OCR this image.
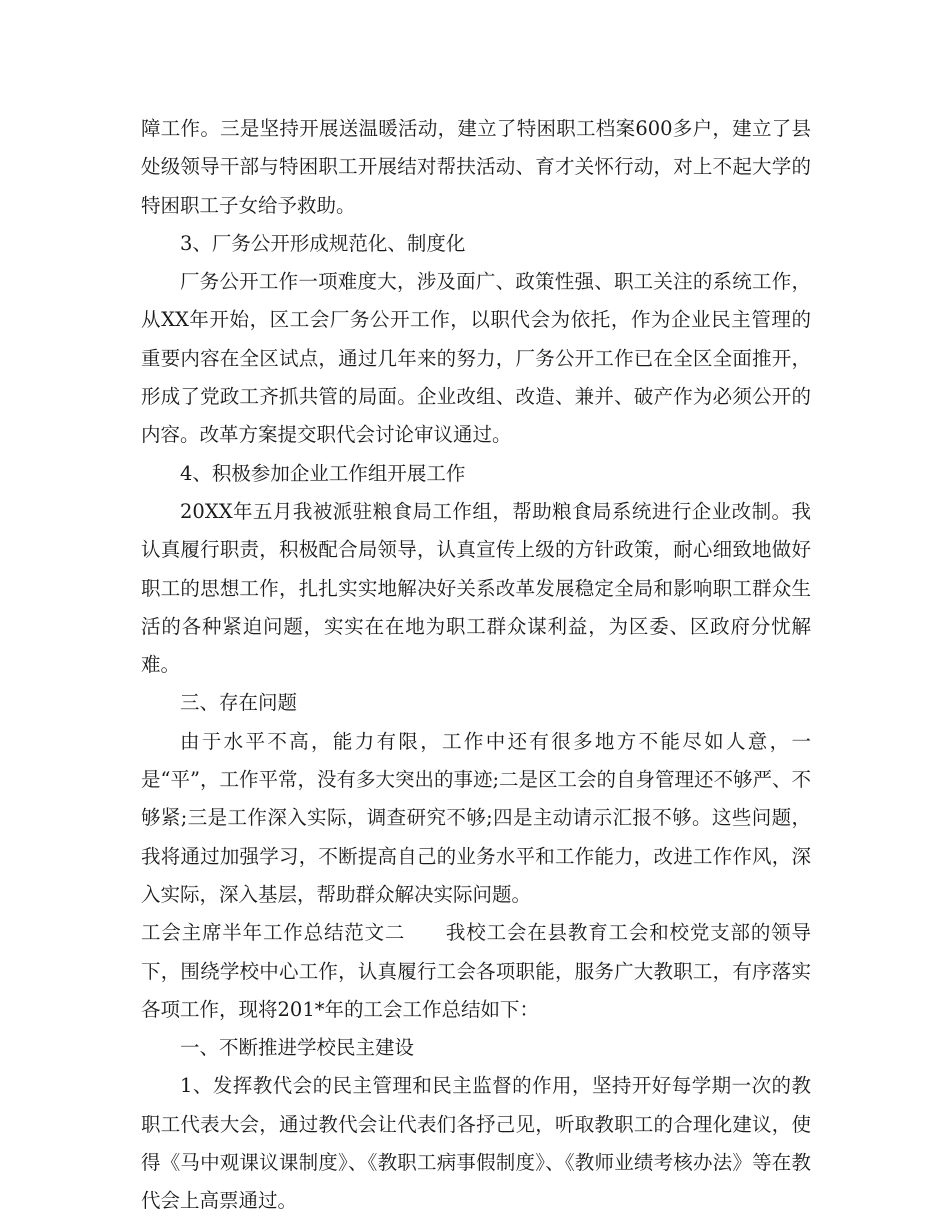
障工作。三是坚持开展送温暖活动，建立了特困职工档案600多户，建立了县处级领导干部与特困职工开展结对帮扶活动、育才关怀行动，对上不起大学的特困职工子女给予救助。

3、厂务公开形成规范化、制度化

厂务公开工作一项难度大，涉及面广、政策性强、职工关注的系统工作，从XX年开始，区工会厂务公开工作，以职代会为依托，作为企业民主管理的重要内容在全区试点，通过几年来的努力，厂务公开工作已在全区全面推开，形成了党政工齐抓共管的局面。企业改组、改造、兼并、破产作为必须公开的内容。改革方案提交职代会讨论审议通过。

4、积极参加企业工作组开展工作

20XX年五月我被派驻粮食局工作组，帮助粮食局系统进行企业改制。我认真履行职责，积极配合局领导，认真宣传上级的方针政策，耐心细致地做好职工的思想工作，扎扎实实地解决好关系改革发展稳定全局和影响职工群众生活的各种紧迫问题，实实在在地为职工群众谋利益，为区委、区政府分忧解难。

三、存在问题

由于水平不高，能力有限，工作中还有很多地方不能尽如人意，一是“平”，工作平常，没有多大突出的事迹;二是区工会的自身管理还不够严、不够紧;三是工作深入实际，调查研究不够;四是主动请示汇报不够。这些问题，我将通过加强学习，不断提高自己的业务水平和工作能力，改进工作作风，深入实际，深入基层，帮助群众解决实际问题。

工会主席半年工作总结范文二　　我校工会在县教育工会和校党支部的领导下，围绕学校中心工作，认真履行工会各项职能，服务广大教职工，有序落实各项工作，现将201*年的工会工作总结如下：

一、不断推进学校民主建设

1、发挥教代会的民主管理和民主监督的作用，坚持开好每学期一次的教职工代表大会，通过教代会让代表们各抒己见，听取教职工的合理化建议，使得《马中观课议课制度》、《教职工病事假制度》、《教师业绩考核办法》等在教代会上高票通过。
